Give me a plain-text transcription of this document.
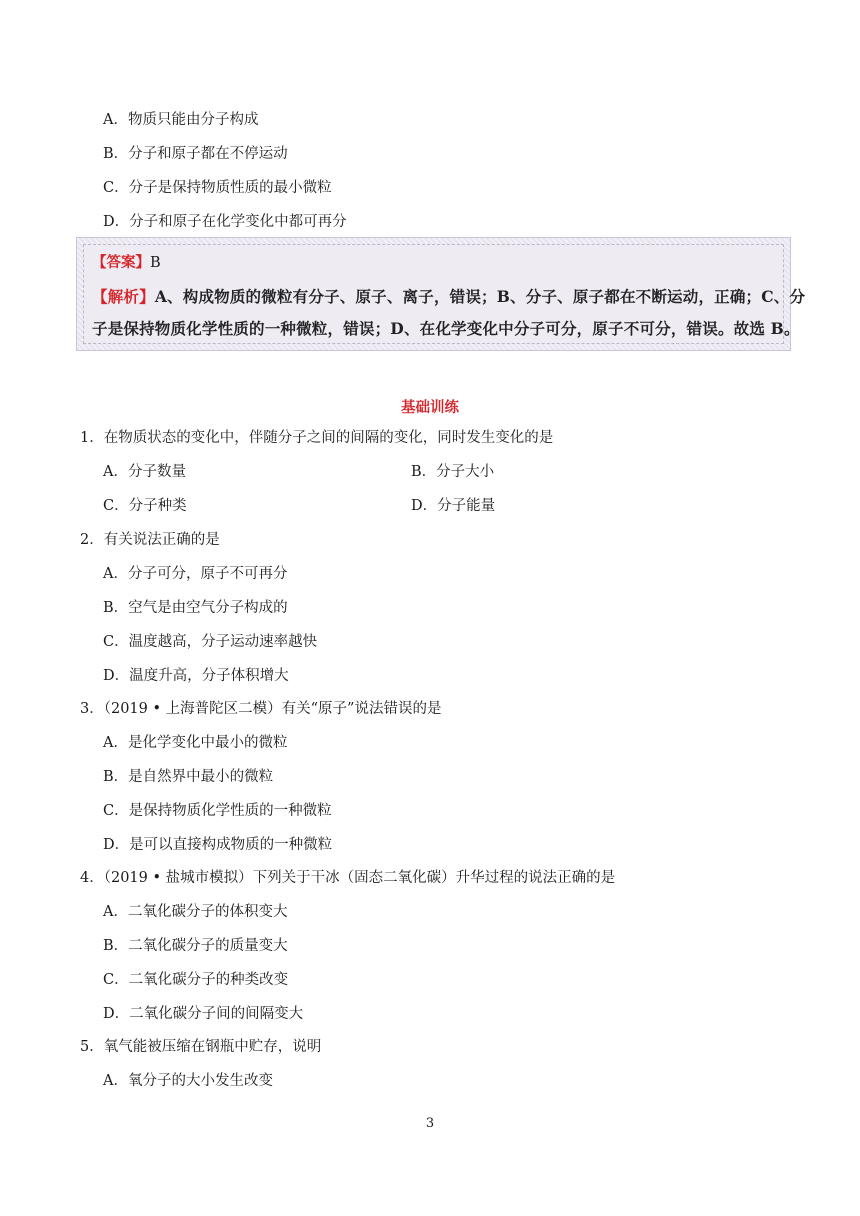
A．物质只能由分子构成
B．分子和原子都在不停运动
C．分子是保持物质性质的最小微粒
D．分子和原子在化学变化中都可再分
【答案】B
【解析】A、构成物质的微粒有分子、原子、离子，错误；B、分子、原子都在不断运动，正确；C、分
子是保持物质化学性质的一种微粒，错误；D、在化学变化中分子可分，原子不可分，错误。故选 B。
基础训练
1．在物质状态的变化中，伴随分子之间的间隔的变化，同时发生变化的是
A．分子数量	B．分子大小
C．分子种类	D．分子能量
2．有关说法正确的是
A．分子可分，原子不可再分
B．空气是由空气分子构成的
C．温度越高，分子运动速率越快
D．温度升高，分子体积增大
3．（2019 • 上海普陀区二模）有关“原子”说法错误的是
A．是化学变化中最小的微粒
B．是自然界中最小的微粒
C．是保持物质化学性质的一种微粒
D．是可以直接构成物质的一种微粒
4．（2019 • 盐城市模拟）下列关于干冰（固态二氧化碳）升华过程的说法正确的是
A．二氧化碳分子的体积变大
B．二氧化碳分子的质量变大
C．二氧化碳分子的种类改变
D．二氧化碳分子间的间隔变大
5．氧气能被压缩在钢瓶中贮存，说明
A．氧分子的大小发生改变
3
